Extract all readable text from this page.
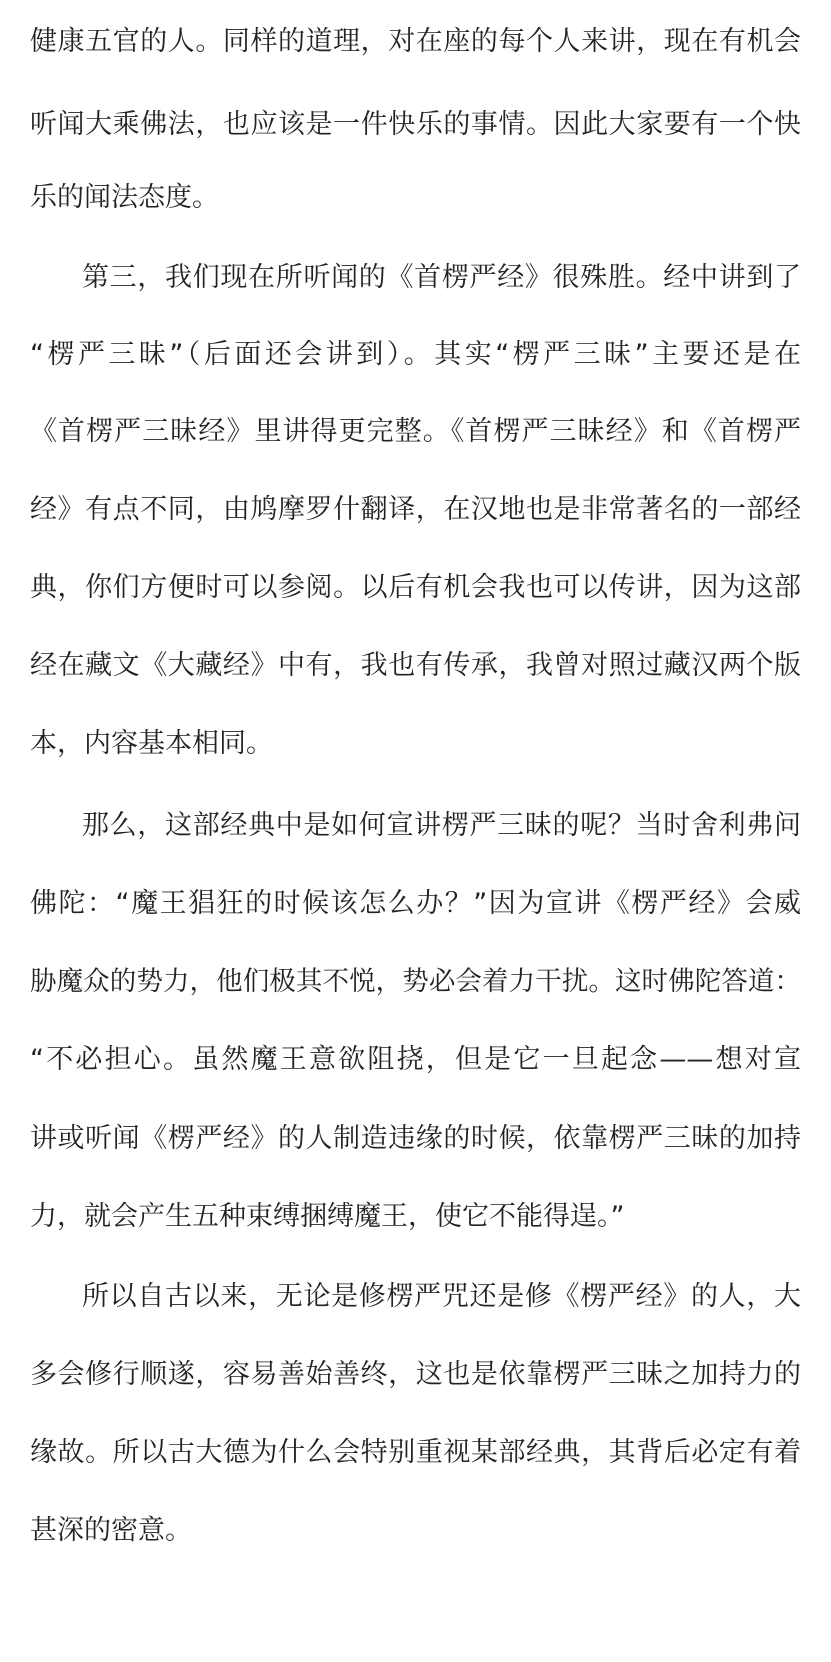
健康五官的人。同样的道理，对在座的每个人来讲，现在有机会
听闻大乘佛法，也应该是一件快乐的事情。因此大家要有一个快
乐的闻法态度。
第三，我们现在所听闻的《首楞严经》很殊胜。经中讲到了
“楞严三昧”（后面还会讲到）。其实“楞严三昧”主要还是在
《首楞严三昧经》里讲得更完整。《首楞严三昧经》和《首楞严
经》有点不同，由鸠摩罗什翻译，在汉地也是非常著名的一部经
典，你们方便时可以参阅。以后有机会我也可以传讲，因为这部
经在藏文《大藏经》中有，我也有传承，我曾对照过藏汉两个版
本，内容基本相同。
那么，这部经典中是如何宣讲楞严三昧的呢？当时舍利弗问
佛陀：“魔王猖狂的时候该怎么办？”因为宣讲《楞严经》会威
胁魔众的势力，他们极其不悦，势必会着力干扰。这时佛陀答道：
“不必担心。虽然魔王意欲阻挠，但是它一旦起念——想对宣
讲或听闻《楞严经》的人制造违缘的时候，依靠楞严三昧的加持
力，就会产生五种束缚捆缚魔王，使它不能得逞。”
所以自古以来，无论是修楞严咒还是修《楞严经》的人，大
多会修行顺遂，容易善始善终，这也是依靠楞严三昧之加持力的
缘故。所以古大德为什么会特别重视某部经典，其背后必定有着
甚深的密意。
